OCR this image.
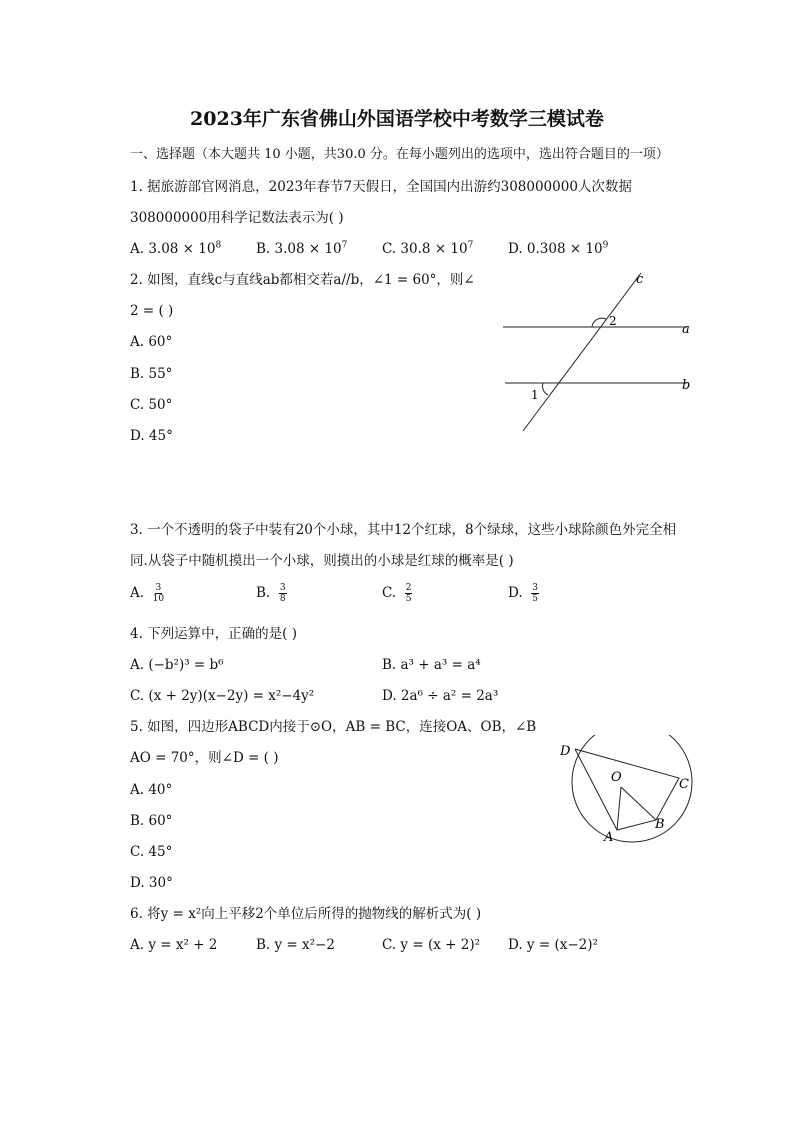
2023年广东省佛山外国语学校中考数学三模试卷
一、选择题（本大题共 10 小题，共30.0 分。在每小题列出的选项中，选出符合题目的一项）
1. 据旅游部官网消息，2023年春节7天假日，全国国内出游约308000000人次数据
308000000用科学记数法表示为( )
A. $3.08 \times 10^8$	B. $3.08 \times 10^7$	C. $30.8 \times 10^7$	D. $0.308 \times 10^9$
2. 如图，直线c与直线ab都相交若a//b，∠1 = 60°，则∠
2 = ( )
A. 60°
B. 55°
C. 50°
D. 45°
c
a
b
1
2
3. 一个不透明的袋子中装有20个小球，其中12个红球，8个绿球，这些小球除颜色外完全相
同.从袋子中随机摸出一个小球，则摸出的小球是红球的概率是( )
A. $\frac{3}{10}$	B. $\frac{3}{8}$	C. $\frac{2}{5}$	D. $\frac{3}{5}$
4. 下列运算中，正确的是( )
A. (−b²)³ = b⁶	B. a³ + a³ = a⁴
C. (x + 2y)(x−2y) = x²−4y²	D. 2a⁶ ÷ a² = 2a³
5. 如图，四边形ABCD内接于⊙O，AB = BC，连接OA、OB，∠B
AO = 70°，则∠D = ( )
A. 40°
B. 60°
C. 45°
D. 30°
D
O	C
A
B
6. 将y = x²向上平移2个单位后所得的抛物线的解析式为( )
A. y = x² + 2	B. y = x²−2	C. y = (x + 2)² D. y = (x−2)²
